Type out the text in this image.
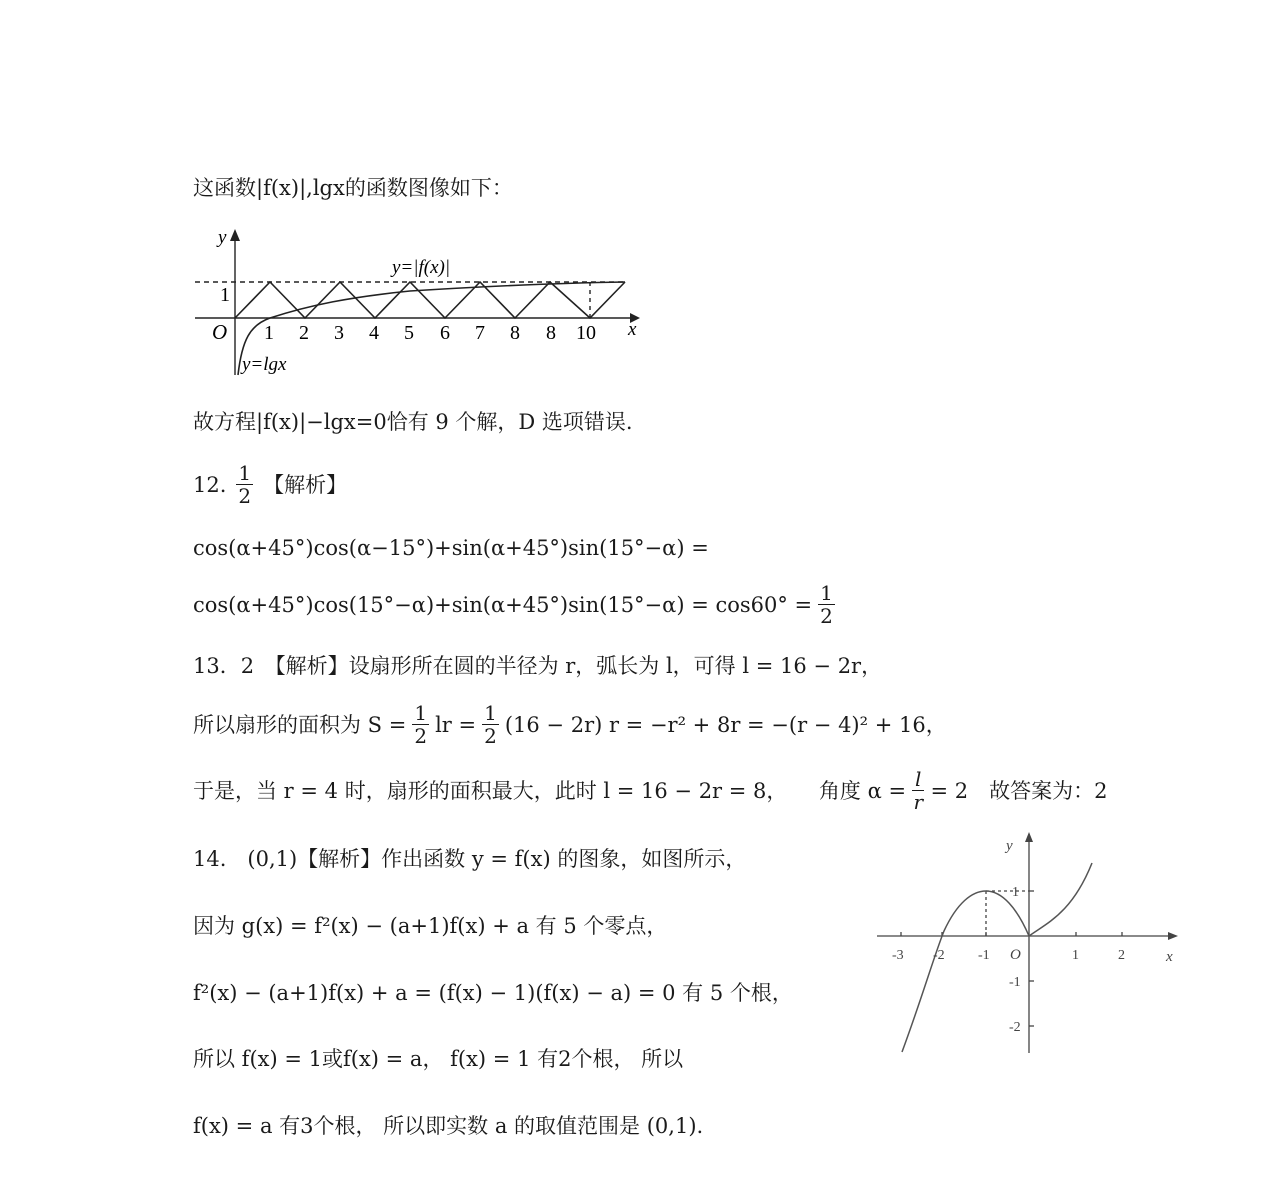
这函数|f(x)|,lgx的函数图像如下：
y
x
O
1
1 2 3 4 5 6 7 8 8 10
y=|f(x)|
y=lgx
故方程|f(x)|−lgx=0恰有 9 个解，D 选项错误.
12. $\frac{1}{2}$ 【解析】
cos(α+45°)cos(α−15°)+sin(α+45°)sin(15°−α) =
$\cos(\alpha+45^\circ)\cos(15^\circ-\alpha)+\sin(\alpha+45^\circ)\sin(15^\circ-\alpha) = \cos 60^\circ = \frac{1}{2}$
13．2　【解析】设扇形所在圆的半径为 r，弧长为 l，可得 l = 16 − 2r，
所以扇形的面积为 $S = \frac{1}{2}$ lr = $\frac{1}{2} (16 - 2r) r = -r^2 + 8r = -(r - 4)^2 + 16$，
于是，当 r = 4 时，扇形的面积最大，此时 l = 16 − 2r = 8，　　角度 $\alpha = \frac{l}{r} = 2$　故答案为：2
14.　(0,1)【解析】作出函数 y = f(x) 的图象，如图所示，
因为 g(x) = f²(x) − (a+1)f(x) + a 有 5 个零点，
f²(x) − (a+1)f(x) + a = (f(x) − 1)(f(x) − a) = 0 有 5 个根，
所以 f(x) = 1或f(x) = a， f(x) = 1 有2个根， 所以
f(x) = a 有3个根， 所以即实数 a 的取值范围是 (0,1).
y
x
O
-3 -2 -1	1	2
1
-1
-2
